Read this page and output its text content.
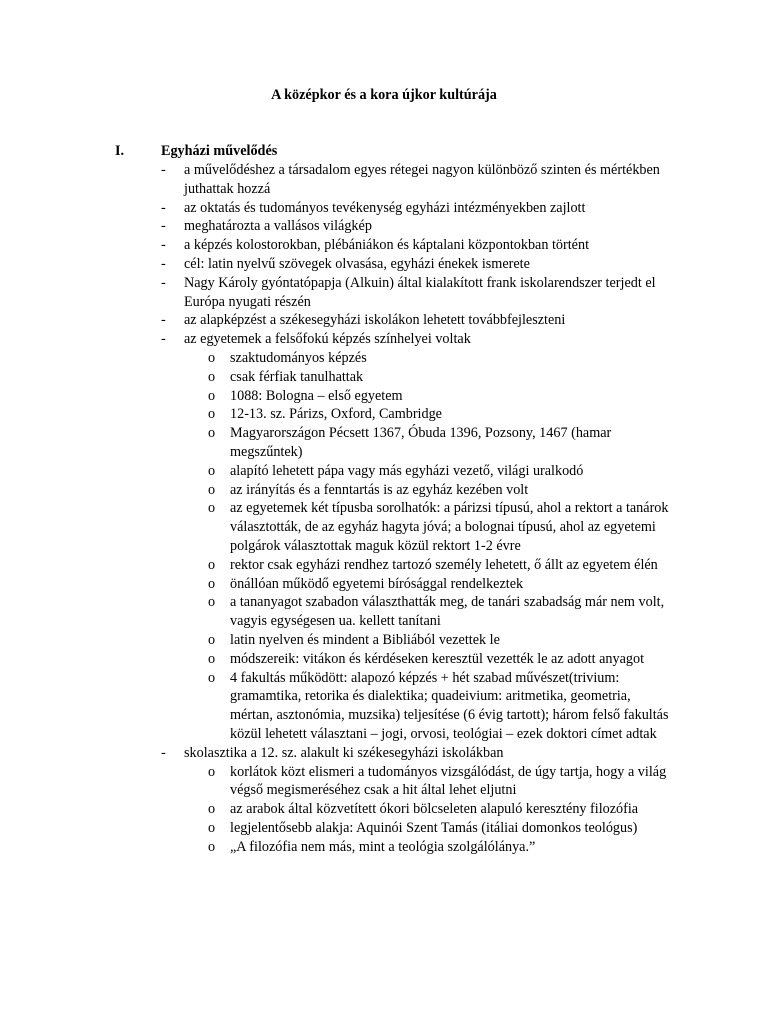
A középkor és a kora újkor kultúrája
I.	Egyházi művelődés
- a művelődéshez a társadalom egyes rétegei nagyon különböző szinten és mértékben juthattak hozzá
- az oktatás és tudományos tevékenység egyházi intézményekben zajlott
- meghatározta a vallásos világkép
- a képzés kolostorokban, plébániákon és káptalani központokban történt
- cél: latin nyelvű szövegek olvasása, egyházi énekek ismerete
- Nagy Károly gyóntatópapja (Alkuin) által kialakított frank iskolarendszer terjedt el Európa nyugati részén
- az alapképzést a székesegyházi iskolákon lehetett továbbfejleszteni
- az egyetemek a felsőfokú képzés színhelyei voltak
o szaktudományos képzés
o csak férfiak tanulhattak
o 1088: Bologna – első egyetem
o 12-13. sz. Párizs, Oxford, Cambridge
o Magyarországon Pécsett 1367, Óbuda 1396, Pozsony, 1467 (hamar megszűntek)
o alapító lehetett pápa vagy más egyházi vezető, világi uralkodó
o az irányítás és a fenntartás is az egyház kezében volt
o az egyetemek két típusba sorolhatók: a párizsi típusú, ahol a rektort a tanárok választották, de az egyház hagyta jóvá; a bolognai típusú, ahol az egyetemi polgárok választottak maguk közül rektort 1-2 évre
o rektor csak egyházi rendhez tartozó személy lehetett, ő állt az egyetem élén
o önállóan működő egyetemi bírósággal rendelkeztek
o a tananyagot szabadon választhatták meg, de tanári szabadság már nem volt, vagyis egységesen ua. kellett tanítani
o latin nyelven és mindent a Bibliából vezettek le
o módszereik: vitákon és kérdéseken keresztül vezették le az adott anyagot
o 4 fakultás működött: alapozó képzés + hét szabad művészet(trivium: gramamtika, retorika és dialektika; quadeivium: aritmetika, geometria, mértan, asztonómia, muzsika) teljesítése (6 évig tartott); három felső fakultás közül lehetett választani – jogi, orvosi, teológiai – ezek doktori címet adtak
- skolasztika a 12. sz. alakult ki székesegyházi iskolákban
o korlátok közt elismeri a tudományos vizsgálódást, de úgy tartja, hogy a világ végső megismeréséhez csak a hit által lehet eljutni
o az arabok által közvetített ókori bölcseleten alapuló keresztény filozófia
o legjelentősebb alakja: Aquinói Szent Tamás (itáliai domonkos teológus)
o „A filozófia nem más, mint a teológia szolgálólánya.”
